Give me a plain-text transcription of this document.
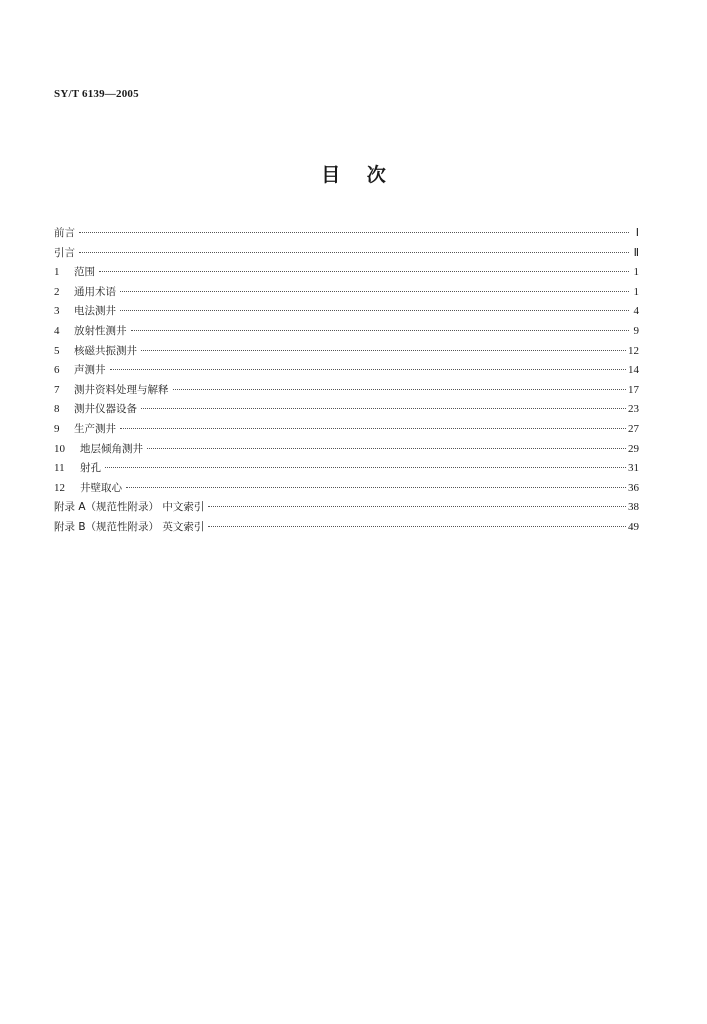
SY/T 6139—2005
目 次
前言	Ⅰ
引言	Ⅱ
1	范围	1
2	通用术语	1
3	电法测井	4
4	放射性测井	9
5	核磁共振测井	12
6	声测井	14
7	测井资料处理与解释	17
8	测井仪器设备	23
9	生产测井	27
10	地层倾角测井	29
11	射孔	31
12	井壁取心	36
附录 A（规范性附录） 中文索引	38
附录 B（规范性附录） 英文索引	49
